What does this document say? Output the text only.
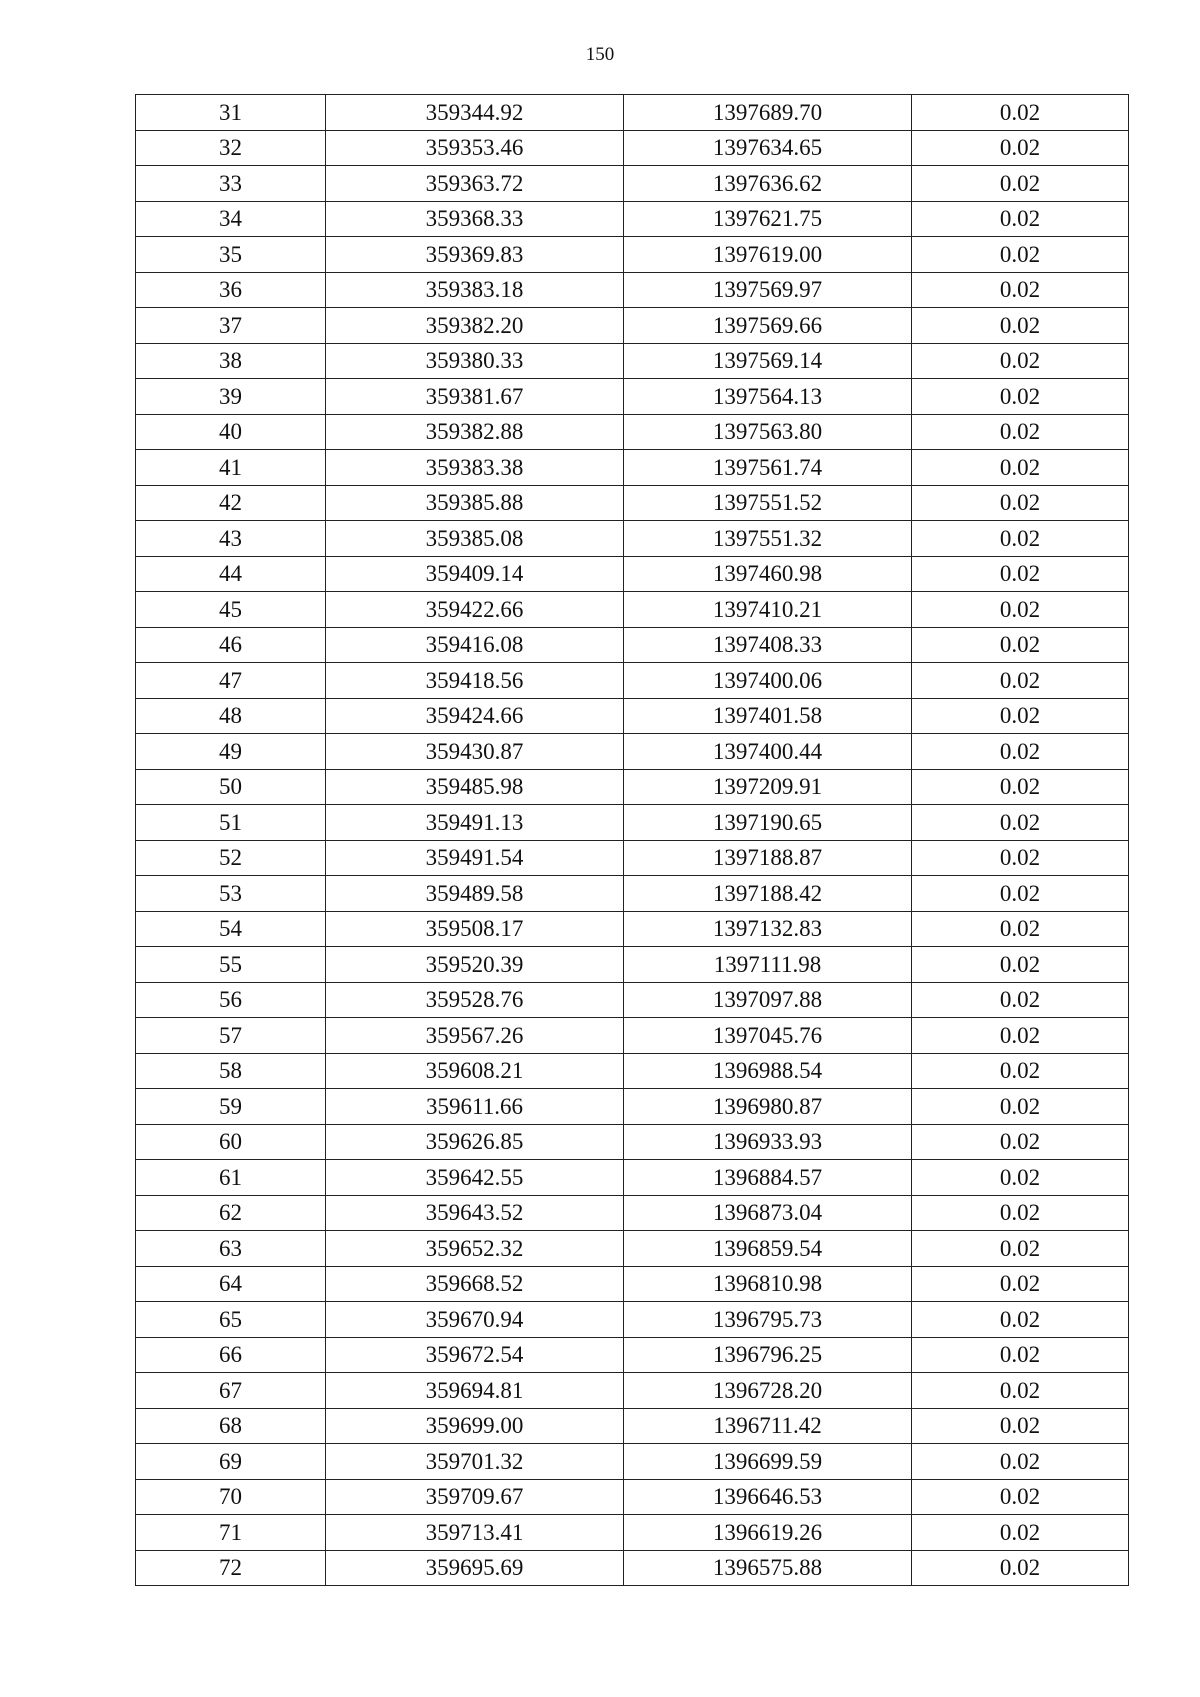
150
31	359344.92	1397689.70	0.02
32	359353.46	1397634.65	0.02
33	359363.72	1397636.62	0.02
34	359368.33	1397621.75	0.02
35	359369.83	1397619.00	0.02
36	359383.18	1397569.97	0.02
37	359382.20	1397569.66	0.02
38	359380.33	1397569.14	0.02
39	359381.67	1397564.13	0.02
40	359382.88	1397563.80	0.02
41	359383.38	1397561.74	0.02
42	359385.88	1397551.52	0.02
43	359385.08	1397551.32	0.02
44	359409.14	1397460.98	0.02
45	359422.66	1397410.21	0.02
46	359416.08	1397408.33	0.02
47	359418.56	1397400.06	0.02
48	359424.66	1397401.58	0.02
49	359430.87	1397400.44	0.02
50	359485.98	1397209.91	0.02
51	359491.13	1397190.65	0.02
52	359491.54	1397188.87	0.02
53	359489.58	1397188.42	0.02
54	359508.17	1397132.83	0.02
55	359520.39	1397111.98	0.02
56	359528.76	1397097.88	0.02
57	359567.26	1397045.76	0.02
58	359608.21	1396988.54	0.02
59	359611.66	1396980.87	0.02
60	359626.85	1396933.93	0.02
61	359642.55	1396884.57	0.02
62	359643.52	1396873.04	0.02
63	359652.32	1396859.54	0.02
64	359668.52	1396810.98	0.02
65	359670.94	1396795.73	0.02
66	359672.54	1396796.25	0.02
67	359694.81	1396728.20	0.02
68	359699.00	1396711.42	0.02
69	359701.32	1396699.59	0.02
70	359709.67	1396646.53	0.02
71	359713.41	1396619.26	0.02
72	359695.69	1396575.88	0.02
